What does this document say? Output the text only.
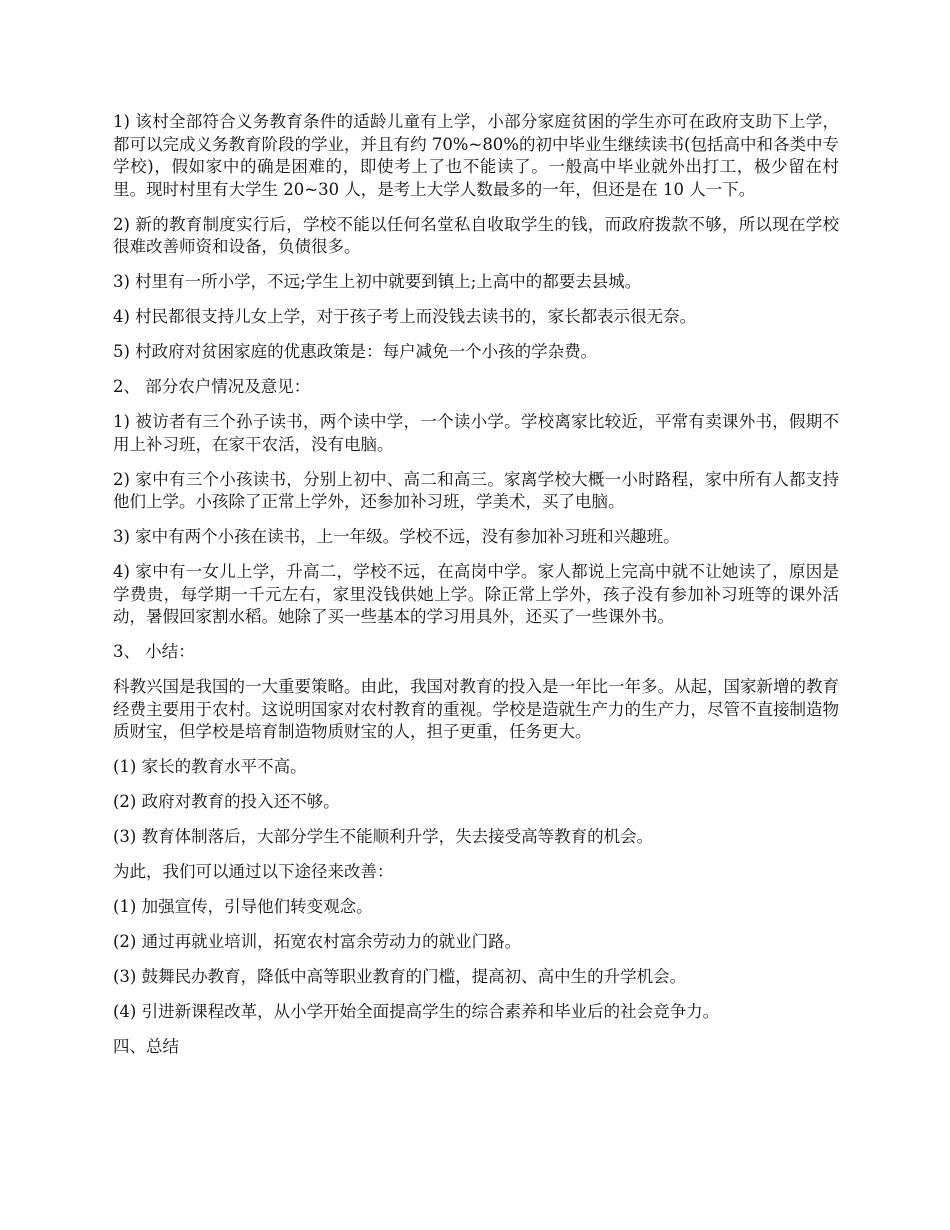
1) 该村全部符合义务教育条件的适龄儿童有上学，小部分家庭贫困的学生亦可在政府支助下上学，都可以完成义务教育阶段的学业，并且有约 70%~80%的初中毕业生继续读书(包括高中和各类中专学校)，假如家中的确是困难的，即使考上了也不能读了。一般高中毕业就外出打工，极少留在村里。现时村里有大学生 20~30 人，是考上大学人数最多的一年，但还是在 10 人一下。

2) 新的教育制度实行后，学校不能以任何名堂私自收取学生的钱，而政府拨款不够，所以现在学校很难改善师资和设备，负债很多。

3) 村里有一所小学，不远;学生上初中就要到镇上;上高中的都要去县城。

4) 村民都很支持儿女上学，对于孩子考上而没钱去读书的，家长都表示很无奈。

5) 村政府对贫困家庭的优惠政策是：每户减免一个小孩的学杂费。

2、 部分农户情况及意见：

1) 被访者有三个孙子读书，两个读中学，一个读小学。学校离家比较近，平常有卖课外书，假期不用上补习班，在家干农活，没有电脑。

2) 家中有三个小孩读书，分别上初中、高二和高三。家离学校大概一小时路程，家中所有人都支持他们上学。小孩除了正常上学外，还参加补习班，学美术，买了电脑。

3) 家中有两个小孩在读书，上一年级。学校不远，没有参加补习班和兴趣班。

4) 家中有一女儿上学，升高二，学校不远，在高岗中学。家人都说上完高中就不让她读了，原因是学费贵，每学期一千元左右，家里没钱供她上学。除正常上学外，孩子没有参加补习班等的课外活动，暑假回家割水稻。她除了买一些基本的学习用具外，还买了一些课外书。

3、 小结：

科教兴国是我国的一大重要策略。由此，我国对教育的投入是一年比一年多。从起，国家新增的教育经费主要用于农村。这说明国家对农村教育的重视。学校是造就生产力的生产力，尽管不直接制造物质财宝，但学校是培育制造物质财宝的人，担子更重，任务更大。

(1) 家长的教育水平不高。

(2) 政府对教育的投入还不够。

(3) 教育体制落后，大部分学生不能顺利升学，失去接受高等教育的机会。

为此，我们可以通过以下途径来改善：

(1) 加强宣传，引导他们转变观念。

(2) 通过再就业培训，拓宽农村富余劳动力的就业门路。

(3) 鼓舞民办教育，降低中高等职业教育的门槛，提高初、高中生的升学机会。

(4) 引进新课程改革，从小学开始全面提高学生的综合素养和毕业后的社会竞争力。

四、总结
